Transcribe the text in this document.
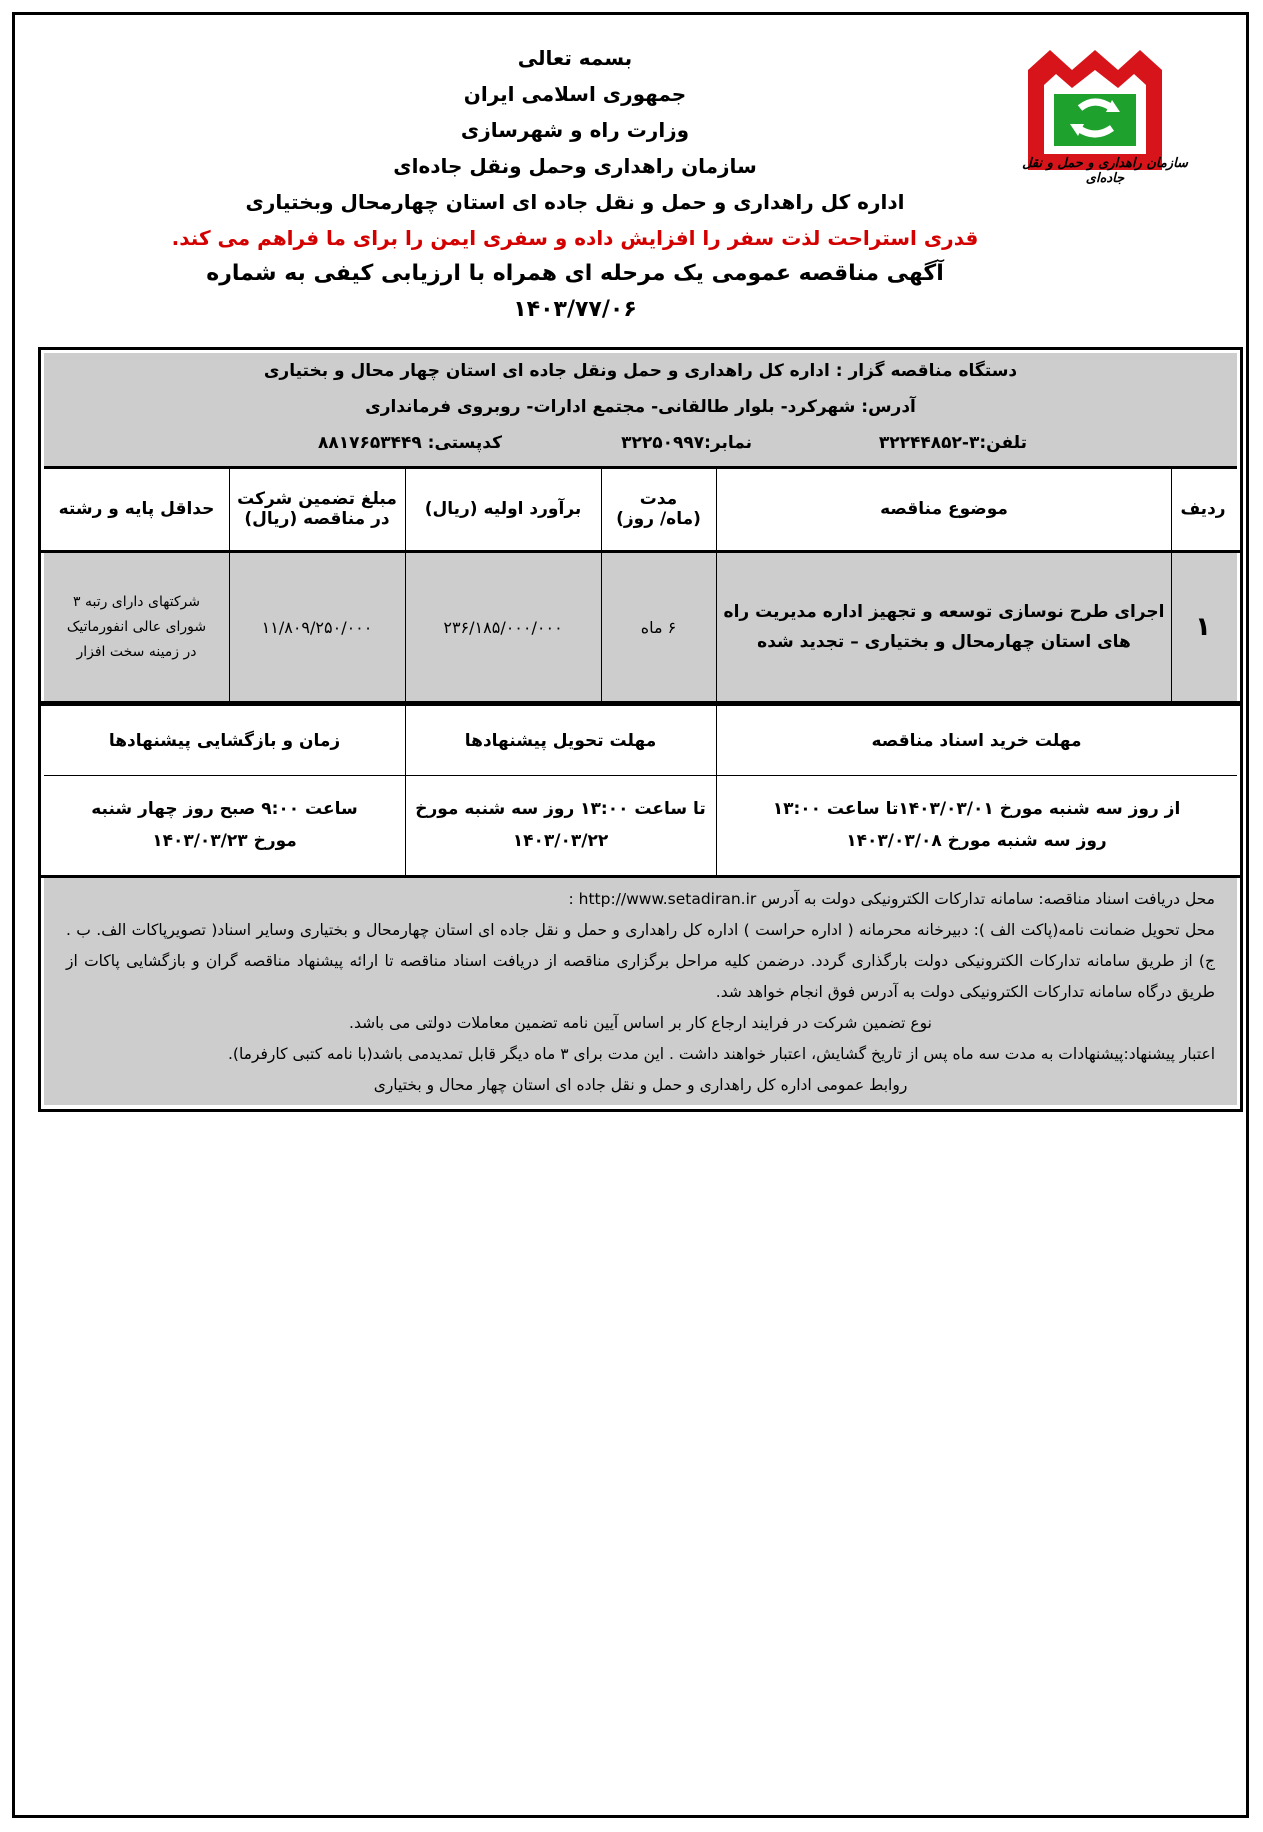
سازمان راهداری و حمل و نقل جاده‌ای
بسمه تعالی
جمهوری اسلامی ایران
وزارت راه و شهرسازی
سازمان راهداری وحمل ونقل جاده‌ای
اداره کل راهداری و حمل و نقل جاده ای استان چهارمحال وبختیاری
قدری استراحت لذت سفر را افزایش داده و سفری ایمن را برای ما فراهم می کند.
آگهی مناقصه عمومی یک مرحله ای همراه با ارزیابی کیفی به شماره ۱۴۰۳/۷۷/۰۶
دستگاه مناقصه گزار : اداره کل راهداری و حمل ونقل جاده ای استان چهار محال و بختیاری
آدرس: شهرکرد- بلوار طالقانی- مجتمع ادارات- روبروی فرمانداری
تلفن:۳-۳۲۲۴۴۸۵۲
نمابر:۳۲۲۵۰۹۹۷
کدپستی: ۸۸۱۷۶۵۳۴۴۹
ردیف
موضوع مناقصه
مدت
(ماه/ روز)
برآورد اولیه (ریال)
مبلغ تضمین شرکت
در مناقصه (ریال)
حداقل پایه و رشته
۱
اجرای طرح نوسازی توسعه و تجهیز اداره مدیریت راه
های استان چهارمحال و بختیاری – تجدید شده
۶ ماه
۲۳۶/۱۸۵/۰۰۰/۰۰۰
۱۱/۸۰۹/۲۵۰/۰۰۰
شرکتهای دارای رتبه ۳
شورای عالی انفورماتیک
در زمینه سخت افزار
مهلت خرید اسناد مناقصه
مهلت تحویل پیشنهادها
زمان و بازگشایی پیشنهادها
از روز سه شنبه مورخ ۱۴۰۳/۰۳/۰۱تا ساعت ۱۳:۰۰
روز سه شنبه مورخ ۱۴۰۳/۰۳/۰۸
تا ساعت ۱۳:۰۰ روز سه شنبه مورخ
۱۴۰۳/۰۳/۲۲
ساعت ۹:۰۰ صبح روز چهار شنبه
مورخ ۱۴۰۳/۰۳/۲۳

محل دریافت اسناد مناقصه: سامانه تدارکات الکترونیکی دولت به آدرس http://www.setadiran.ir :

محل تحویل ضمانت نامه(پاکت الف ): دبیرخانه محرمانه ( اداره حراست ) اداره کل راهداری و حمل و نقل جاده ای استان چهارمحال و بختیاری وسایر اسناد( تصویرپاکات الف. ب . ج) از طریق سامانه تدارکات الکترونیکی دولت بارگذاری گردد. درضمن کلیه مراحل برگزاری مناقصه از دریافت اسناد مناقصه تا ارائه پیشنهاد مناقصه گران و بازگشایی پاکات از طریق درگاه سامانه تدارکات الکترونیکی دولت به آدرس فوق انجام خواهد شد.

نوع تضمین شرکت در فرایند ارجاع کار بر اساس آیین نامه تضمین معاملات دولتی می باشد.

اعتبار پیشنهاد:پیشنهادات به مدت سه ماه پس از تاریخ گشایش، اعتبار خواهند داشت . این مدت برای ۳ ماه دیگر قابل تمدیدمی باشد(با نامه کتبی کارفرما).

روابط عمومی اداره کل راهداری و حمل و نقل جاده ای استان چهار محال و بختیاری
